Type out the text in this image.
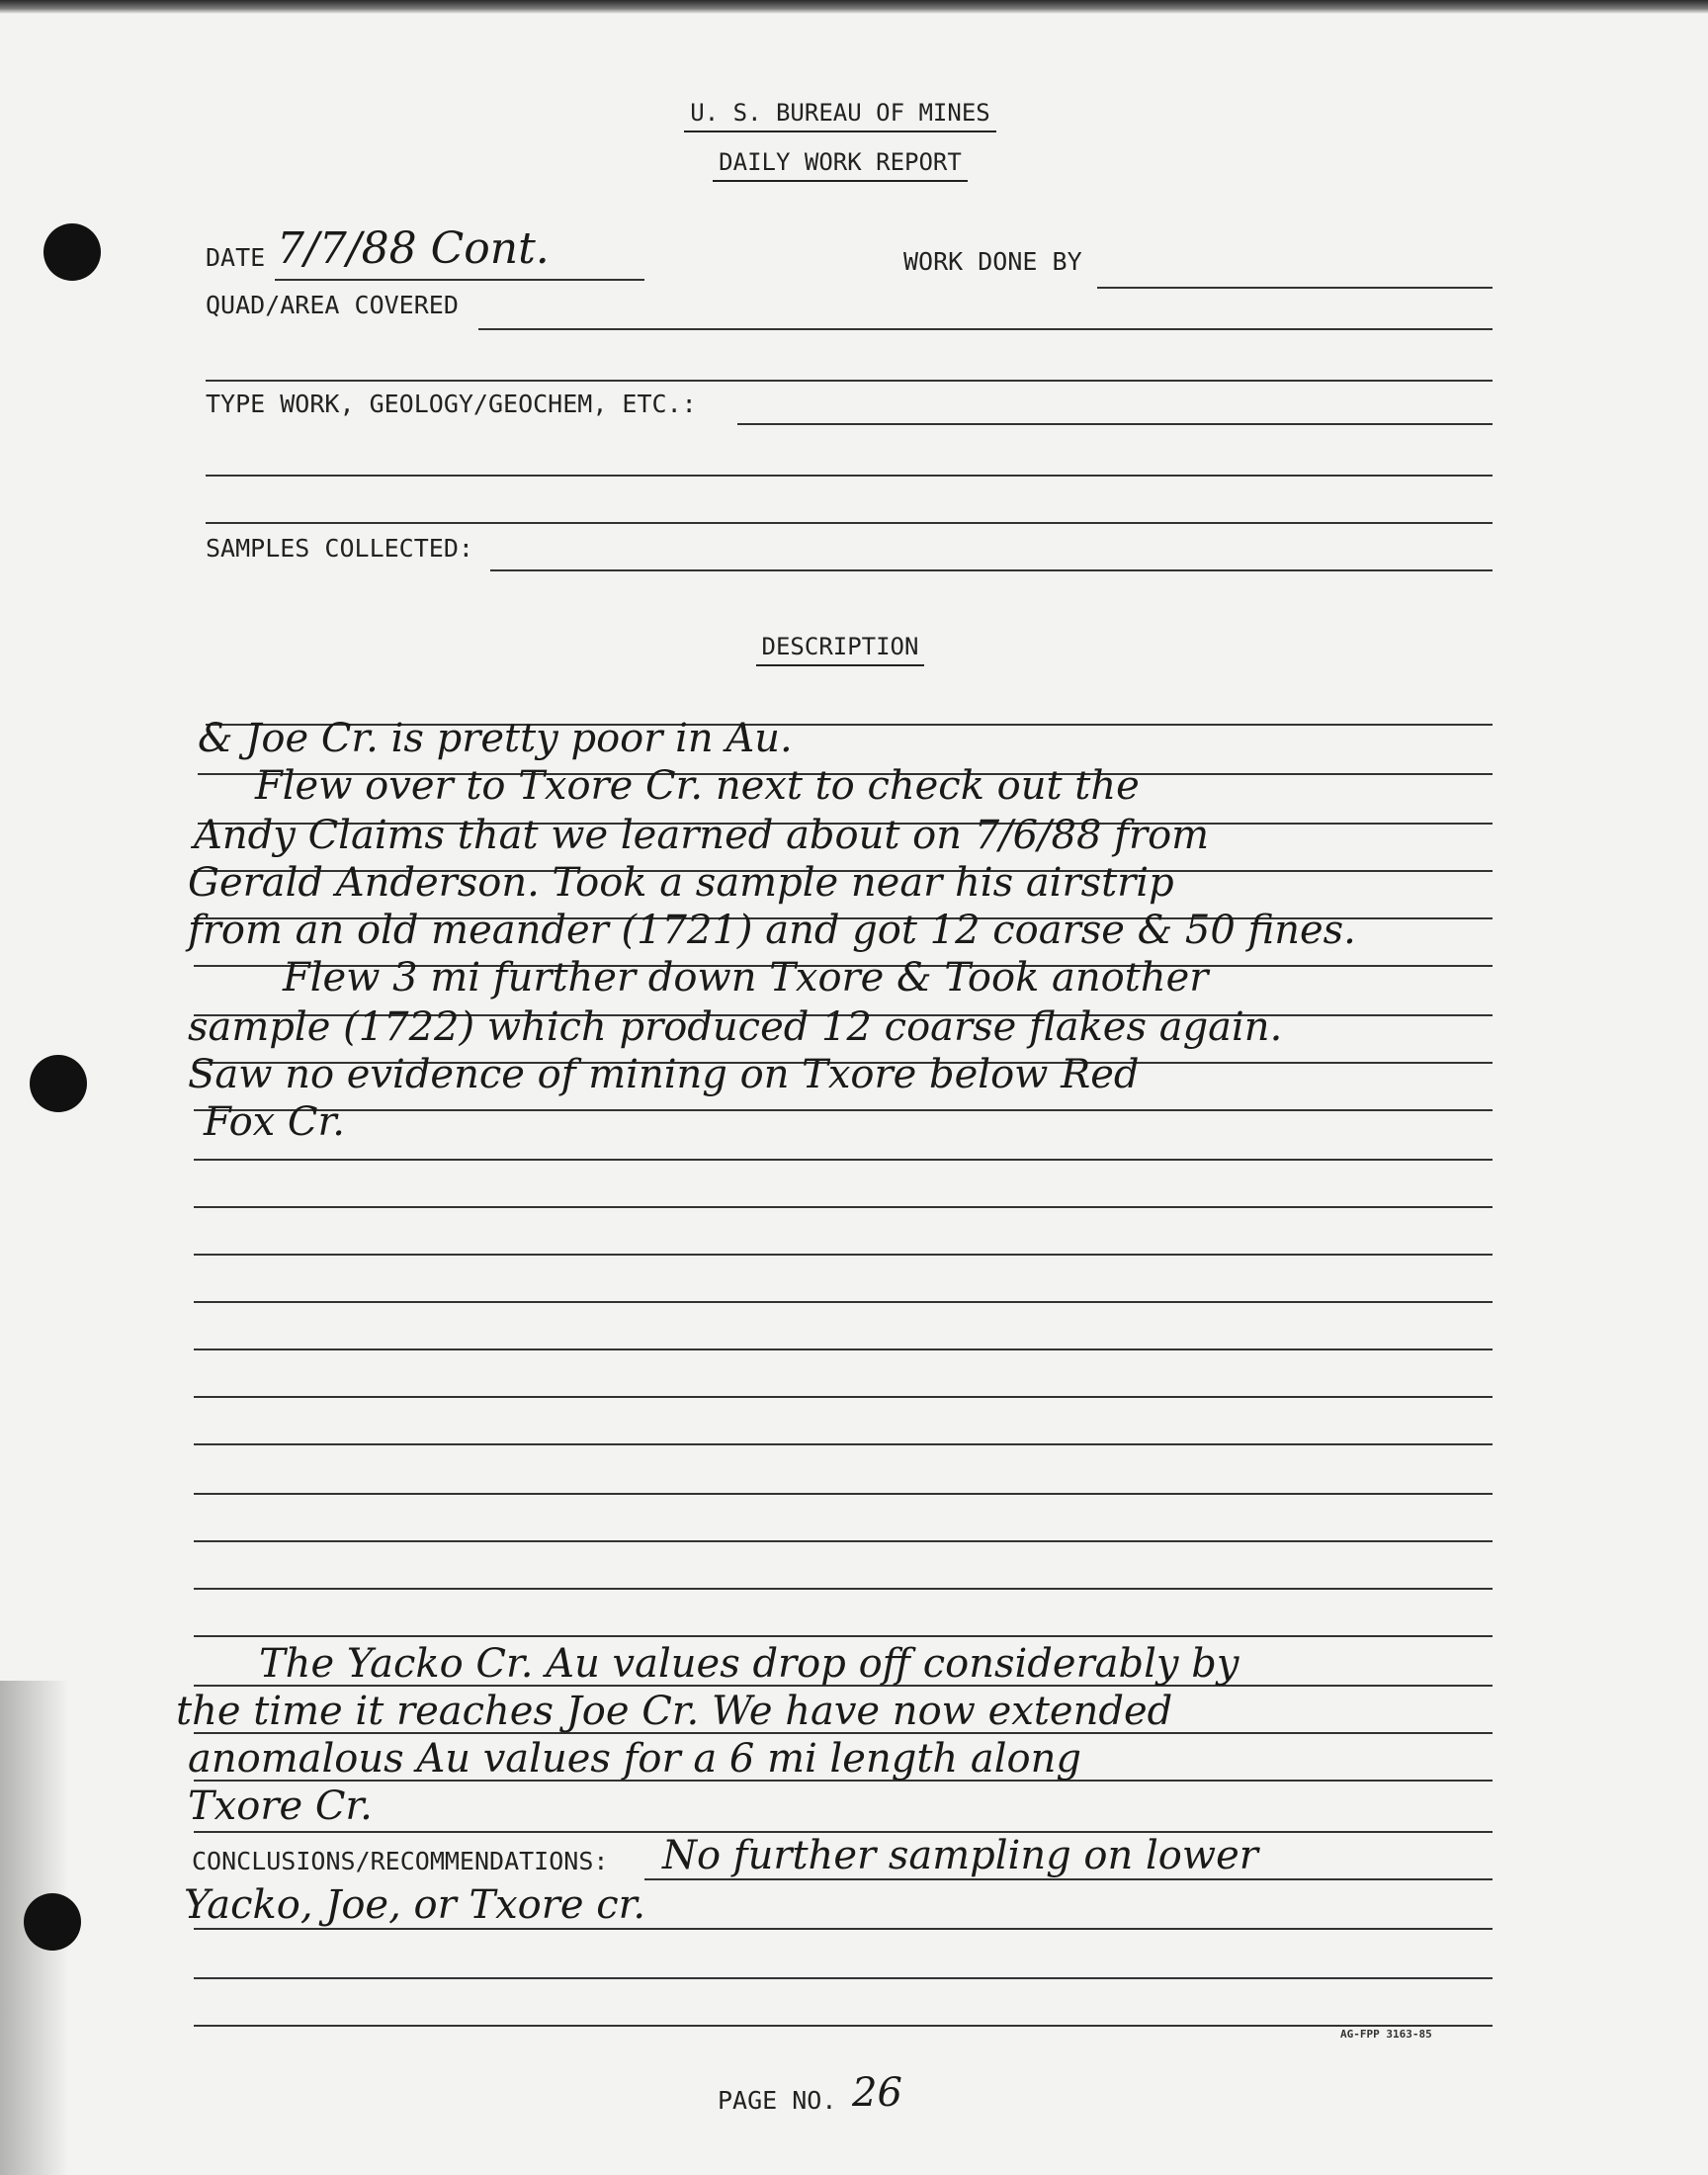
U. S. BUREAU OF MINES
DAILY WORK REPORT
DATE 7/7/88 Cont.	WORK DONE BY
QUAD/AREA COVERED
TYPE WORK, GEOLOGY/GEOCHEM, ETC.:
SAMPLES COLLECTED:
DESCRIPTION
& Joe Cr. is pretty poor in Au.
Flew over to Txore Cr. next to check out the
Andy Claims that we learned about on 7/6/88 from
Gerald Anderson. Took a sample near his airstrip
from an old meander (1721) and got 12 coarse & 50 fines.
Flew 3 mi further down Txore & Took another
sample (1722) which produced 12 coarse flakes again.
Saw no evidence of mining on Txore below Red
Fox Cr.
The Yacko Cr. Au values drop off considerably by
the time it reaches Joe Cr. We have now extended
anomalous Au values for a 6 mi length along
Txore Cr.
CONCLUSIONS/RECOMMENDATIONS: No further sampling on lower
Yacko, Joe, or Txore cr.
AG-FPP 3163-85
PAGE NO. 26
